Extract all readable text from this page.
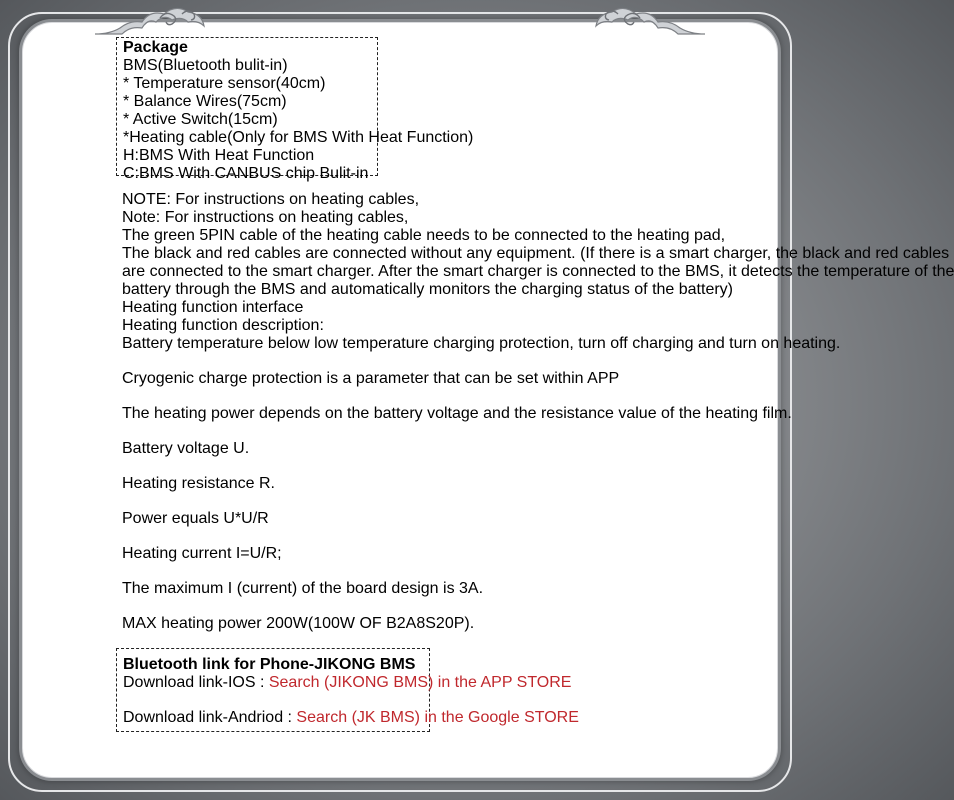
Package
BMS(Bluetooth bulit-in)
* Temperature sensor(40cm)
* Balance Wires(75cm)
* Active Switch(15cm)
*Heating cable(Only for BMS With Heat Function)
H:BMS With Heat Function
C:BMS With CANBUS chip Bulit-in
NOTE: For instructions on heating cables,
Note: For instructions on heating cables,
The green 5PIN cable of the heating cable needs to be connected to the heating pad,
The black and red cables are connected without any equipment. (If there is a smart charger, the black and red cables
are connected to the smart charger. After the smart charger is connected to the BMS, it detects the temperature of the
battery through the BMS and automatically monitors the charging status of the battery)
Heating function interface
Heating function description:
Battery temperature below low temperature charging protection, turn off charging and turn on heating.
Cryogenic charge protection is a parameter that can be set within APP
The heating power depends on the battery voltage and the resistance value of the heating film.
Battery voltage U.
Heating resistance R.
Power equals U*U/R
Heating current I=U/R;
The maximum I (current) of the board design is 3A.
MAX heating power 200W(100W OF B2A8S20P).
Bluetooth link for Phone-JIKONG BMS
Download link-IOS : Search (JIKONG BMS) in the APP STORE
Download link-Andriod : Search (JK BMS) in the Google STORE
